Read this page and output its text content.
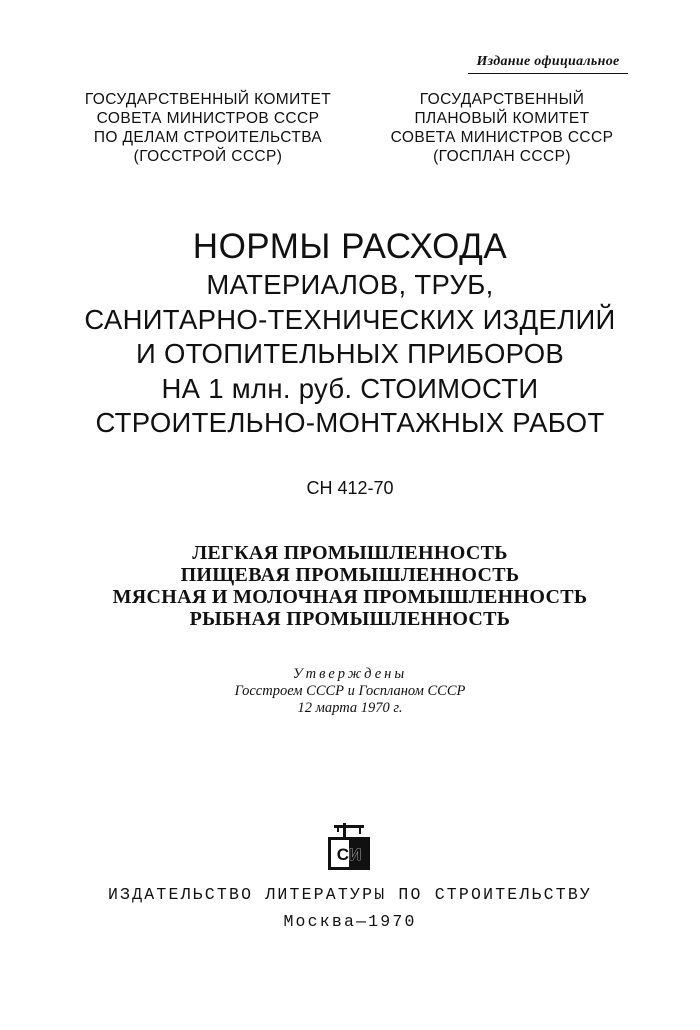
Издание официальное
ГОСУДАРСТВЕННЫЙ КОМИТЕТ
СОВЕТА МИНИСТРОВ СССР
ПО ДЕЛАМ СТРОИТЕЛЬСТВА
(ГОССТРОЙ СССР)
ГОСУДАРСТВЕННЫЙ
ПЛАНОВЫЙ КОМИТЕТ
СОВЕТА МИНИСТРОВ СССР
(ГОСПЛАН СССР)
НОРМЫ РАСХОДА
МАТЕРИАЛОВ, ТРУБ,
САНИТАРНО-ТЕХНИЧЕСКИХ ИЗДЕЛИЙ
И ОТОПИТЕЛЬНЫХ ПРИБОРОВ
НА 1 млн. руб. СТОИМОСТИ
СТРОИТЕЛЬНО-МОНТАЖНЫХ РАБОТ
СН 412-70
ЛЕГКАЯ ПРОМЫШЛЕННОСТЬ
ПИЩЕВАЯ ПРОМЫШЛЕННОСТЬ
МЯСНАЯ И МОЛОЧНАЯ ПРОМЫШЛЕННОСТЬ
РЫБНАЯ ПРОМЫШЛЕННОСТЬ
Утверждены
Госстроем СССР и Госпланом СССР
12 марта 1970 г.
СИ
ИЗДАТЕЛЬСТВО ЛИТЕРАТУРЫ ПО СТРОИТЕЛЬСТВУ
Москва—1970
